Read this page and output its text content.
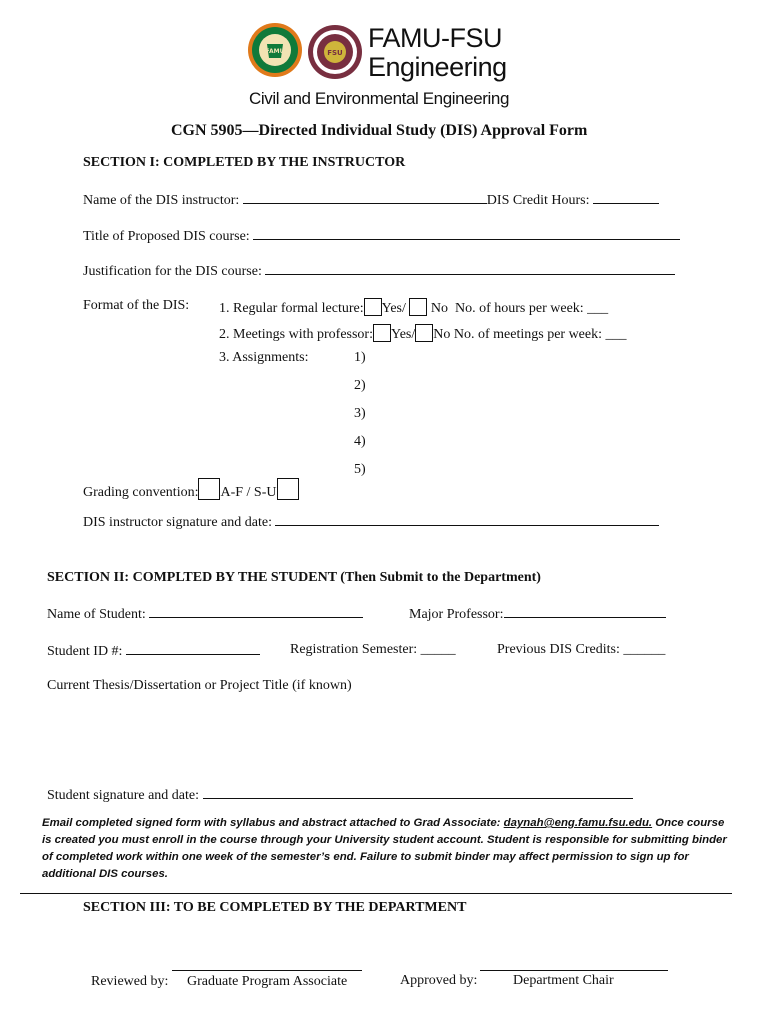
FAMU	FSU FAMU-FSU
Engineering
Civil and Environmental Engineering
CGN 5905—Directed Individual Study (DIS) Approval Form
SECTION I: COMPLETED BY THE INSTRUCTOR
Name of the DIS instructor:	DIS Credit Hours:
Title of Proposed DIS course:
Justification for the DIS course:
Format of the DIS: 1. Regular formal lecture: Yes/ No No. of hours per week: ___
2. Meetings with professor: Yes/ No No. of meetings per week: ___
3. Assignments:	1)
2)
3)
4)
5)
Grading convention: A-F / S-U
DIS instructor signature and date:
SECTION II: COMPLTED BY THE STUDENT (Then Submit to the Department)
Name of Student:	Major Professor:
Student ID #:	Registration Semester: _____	Previous DIS Credits: ______
Current Thesis/Dissertation or Project Title (if known)
Student signature and date:
Email completed signed form with syllabus and abstract attached to Grad Associate: daynah@eng.famu.fsu.edu. Once course is created you must enroll in the course through your University student account. Student is responsible for submitting binder of completed work within one week of the semester’s end. Failure to submit binder may affect permission to sign up for additional DIS courses.
SECTION III: TO BE COMPLETED BY THE DEPARTMENT
Reviewed by: Graduate Program Associate	Approved by:	Department Chair
